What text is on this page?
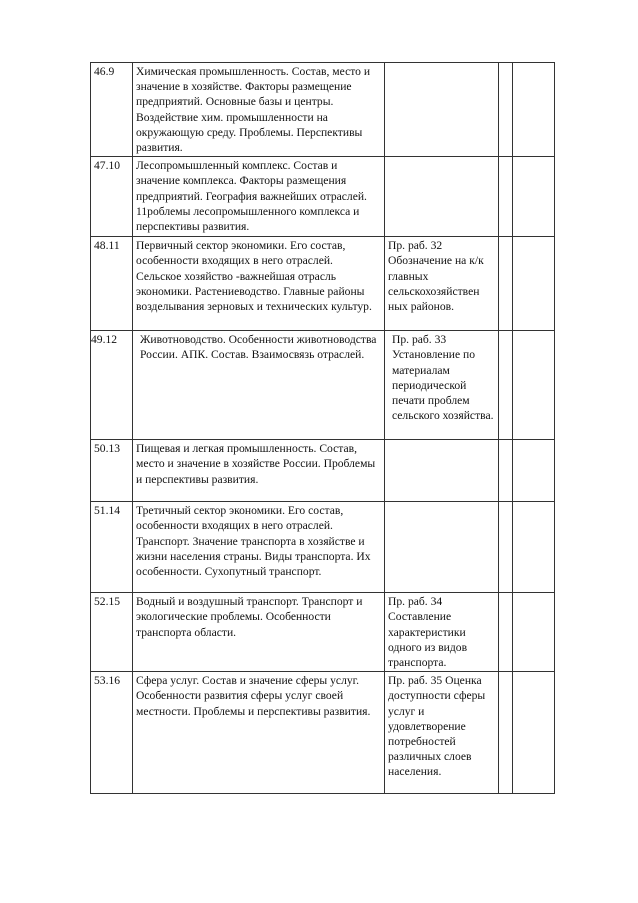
46.9	Химическая промышленность. Состав, место и значение в хозяйстве. Факторы размещение предприятий. Основные базы и центры. Воздействие хим. промышленности на окружающую среду. Проблемы. Перспективы развития.			
47.10	Лесопромышленный комплекс. Состав и значение комплекса. Факторы размещения предприятий. География важнейших отраслей. 11роблемы лесопромышленного комплекса и перспективы развития.			
48.11	Первичный сектор экономики. Его состав, особенности входящих в него отраслей. Сельское хозяйство -важнейшая отрасль экономики. Растениеводство. Главные районы возделывания зерновых и технических культур.	Пр. раб. 32 Обозначение на к/к главных сельскохозяйствен ных районов.		
49.12	Животноводство. Особенности животноводства России. АПК. Состав. Взаимосвязь отраслей.	Пр. раб. 33 Установление по материалам периодической печати проблем сельского хозяйства.		
50.13	Пищевая и легкая промышленность. Состав, место и значение в хозяйстве России. Проблемы и перспективы развития.			
51.14	Третичный сектор экономики. Его состав, особенности входящих в него отраслей. Транспорт. Значение транспорта в хозяйстве и жизни населения страны. Виды транспорта. Их особенности. Сухопутный транспорт.			
52.15	Водный и воздушный транспорт. Транспорт и экологические проблемы. Особенности транспорта области.	Пр. раб. 34 Составление характеристики одного из видов транспорта.		
53.16	Сфера услуг. Состав и значение сферы услуг. Особенности развития сферы услуг своей местности. Проблемы и перспективы развития.	Пр. раб. 35 Оценка доступности сферы услуг и удовлетворение потребностей различных слоев населения.		
